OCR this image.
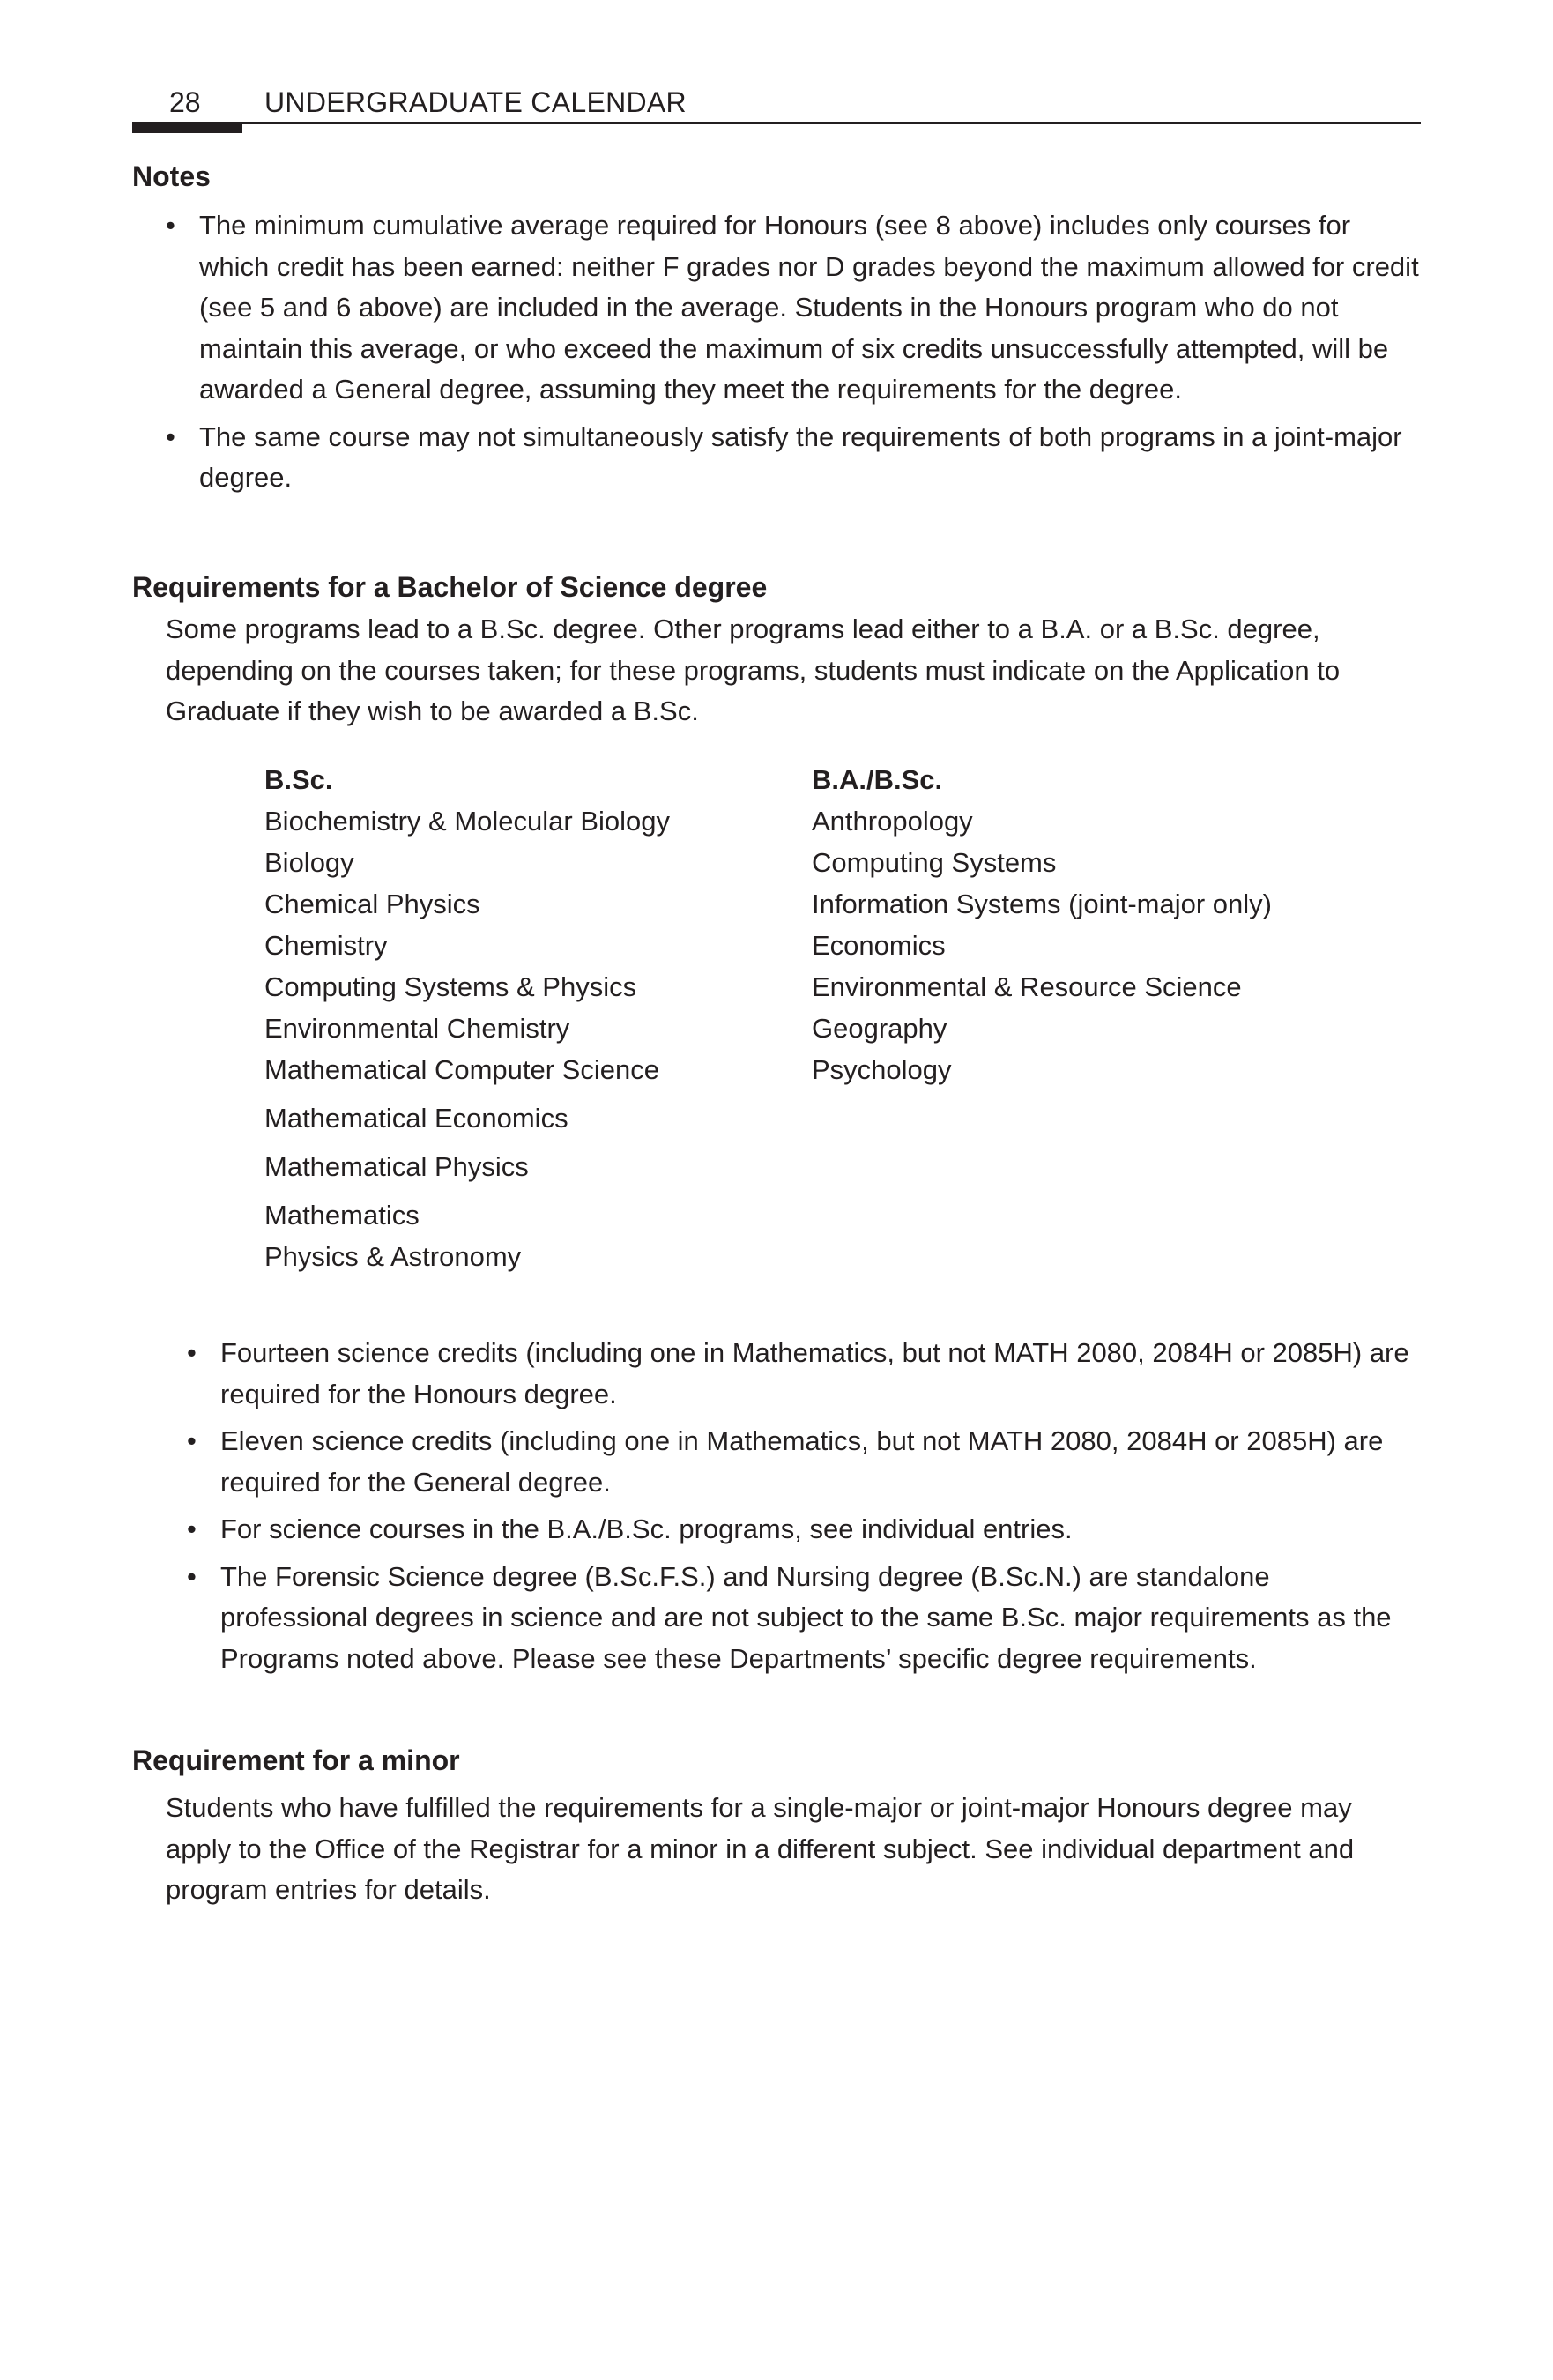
28 UNDERGRADUATE CALENDAR
Notes
• The minimum cumulative average required for Honours (see 8 above) includes only courses for which credit has been earned: neither F grades nor D grades beyond the maximum allowed for credit (see 5 and 6 above) are included in the average. Students in the Honours program who do not maintain this average, or who exceed the maximum of six credits unsuccessfully attempted, will be awarded a General degree, assuming they meet the requirements for the degree.
• The same course may not simultaneously satisfy the requirements of both programs in a joint-major degree.
Requirements for a Bachelor of Science degree

Some programs lead to a B.Sc. degree. Other programs lead either to a B.A. or a B.Sc. degree, depending on the courses taken; for these programs, students must indicate on the Application to Graduate if they wish to be awarded a B.Sc.

B.Sc.
Biochemistry & Molecular Biology
Biology
Chemical Physics
Chemistry
Computing Systems & Physics
Environmental Chemistry
Mathematical Computer Science
Mathematical Economics
Mathematical Physics
Mathematics
Physics & Astronomy
B.A./B.Sc.
Anthropology
Computing Systems
Information Systems (joint-major only)
Economics
Environmental & Resource Science
Geography
Psychology
• Fourteen science credits (including one in Mathematics, but not MATH 2080, 2084H or 2085H) are required for the Honours degree.
• Eleven science credits (including one in Mathematics, but not MATH 2080, 2084H or 2085H) are required for the General degree.
• For science courses in the B.A./B.Sc. programs, see individual entries.
• The Forensic Science degree (B.Sc.F.S.) and Nursing degree (B.Sc.N.) are standalone professional degrees in science and are not subject to the same B.Sc. major requirements as the Programs noted above. Please see these Departments’ specific degree requirements.
Requirement for a minor

Students who have fulfilled the requirements for a single-major or joint-major Honours degree may apply to the Office of the Registrar for a minor in a different subject. See individual department and program entries for details.
